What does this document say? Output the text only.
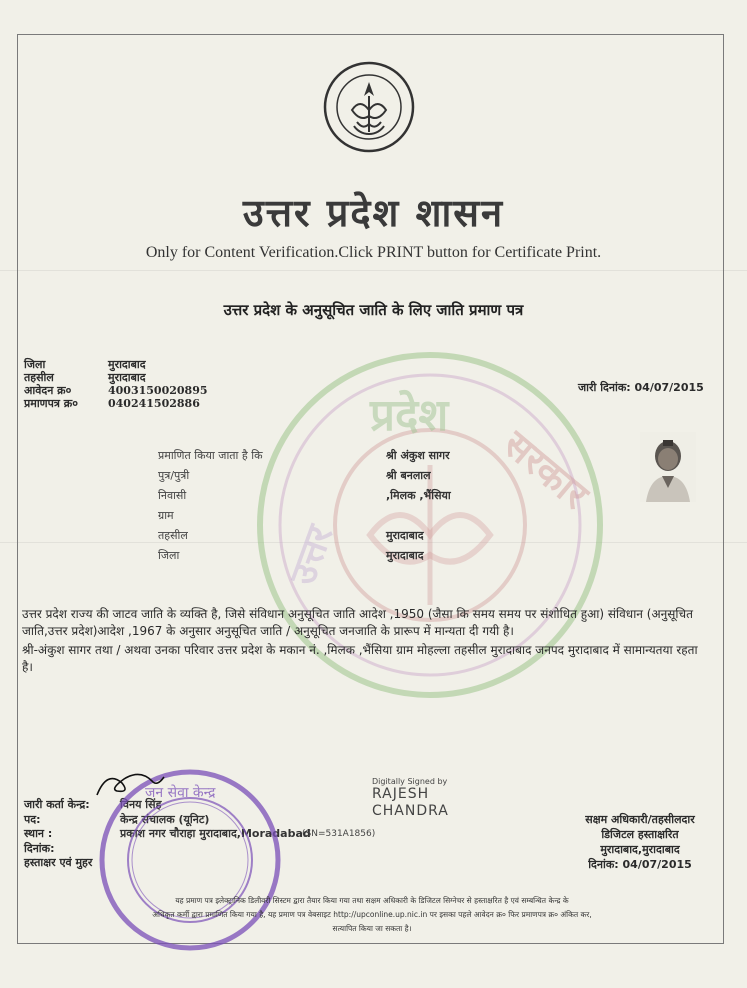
उत्तर प्रदेश शासन
Only for Content Verification.Click PRINT button for Certificate Print.
उत्तर प्रदेश के अनुसूचित जाति के लिए जाति प्रमाण पत्र
प्रदेश
सरकार
उत्तर
जिला	मुरादाबाद
तहसील	मुरादाबाद
आवेदन क्र०	4003150020895
प्रमाणपत्र क्र०	040241502886
जारी दिनांक: 04/07/2015
प्रमाणित किया जाता है कि	श्री अंकुश सागर
पुत्र/पुत्री	श्री बनलाल
निवासी	,मिलक ,भैंसिया
ग्राम
तहसील	मुरादाबाद
जिला	मुरादाबाद

उत्तर प्रदेश राज्य की जाटव जाति के व्यक्ति है, जिसे संविधान अनुसूचित जाति आदेश ,1950 (जैसा कि समय समय पर संशोधित हुआ) संविधान (अनुसूचित जाति,उत्तर प्रदेश)आदेश ,1967 के अनुसार अनुसूचित जाति / अनुसूचित जनजाति के प्रारूप में मान्यता दी गयी है।

श्री-अंकुश सागर तथा / अथवा उनका परिवार उत्तर प्रदेश के मकान नं. ,मिलक ,भैंसिया ग्राम मोहल्ला तहसील मुरादाबाद जनपद मुरादाबाद में सामान्यतया रहता है।

जारी कर्ता केन्द्र:	विनय सिंह
पद:	केन्द्र संचालक (यूनिट)
स्थान :	प्रकाश नगर चौराहा मुरादाबाद,Moradabad
दिनांक:
हस्ताक्षर एवं मुहर
Digitally Signed by
RAJESH
CHANDRA
(SN=531A1856)
सक्षम अधिकारी/तहसीलदार
डिजिटल हस्ताक्षरित
मुरादाबाद,मुरादाबाद
दिनांक: 04/07/2015
जन सेवा केन्द्र
यह प्रमाण पत्र इलेक्ट्रानिक डिलीवरी सिस्टम द्वारा तैयार किया गया तथा सक्षम अधिकारी के डिजिटल सिग्नेचर से हस्ताक्षरित है एवं सम्बन्धित केन्द्र के
अधिकृत कर्मी द्वारा प्रमाणित किया गया है, यह प्रमाण पत्र वेबसाइट http://upconline.up.nic.in पर इसका पहले आवेदन क्र० फिर प्रमाणपत्र क्र० अंकित कर,
सत्यापित किया जा सकता है।
